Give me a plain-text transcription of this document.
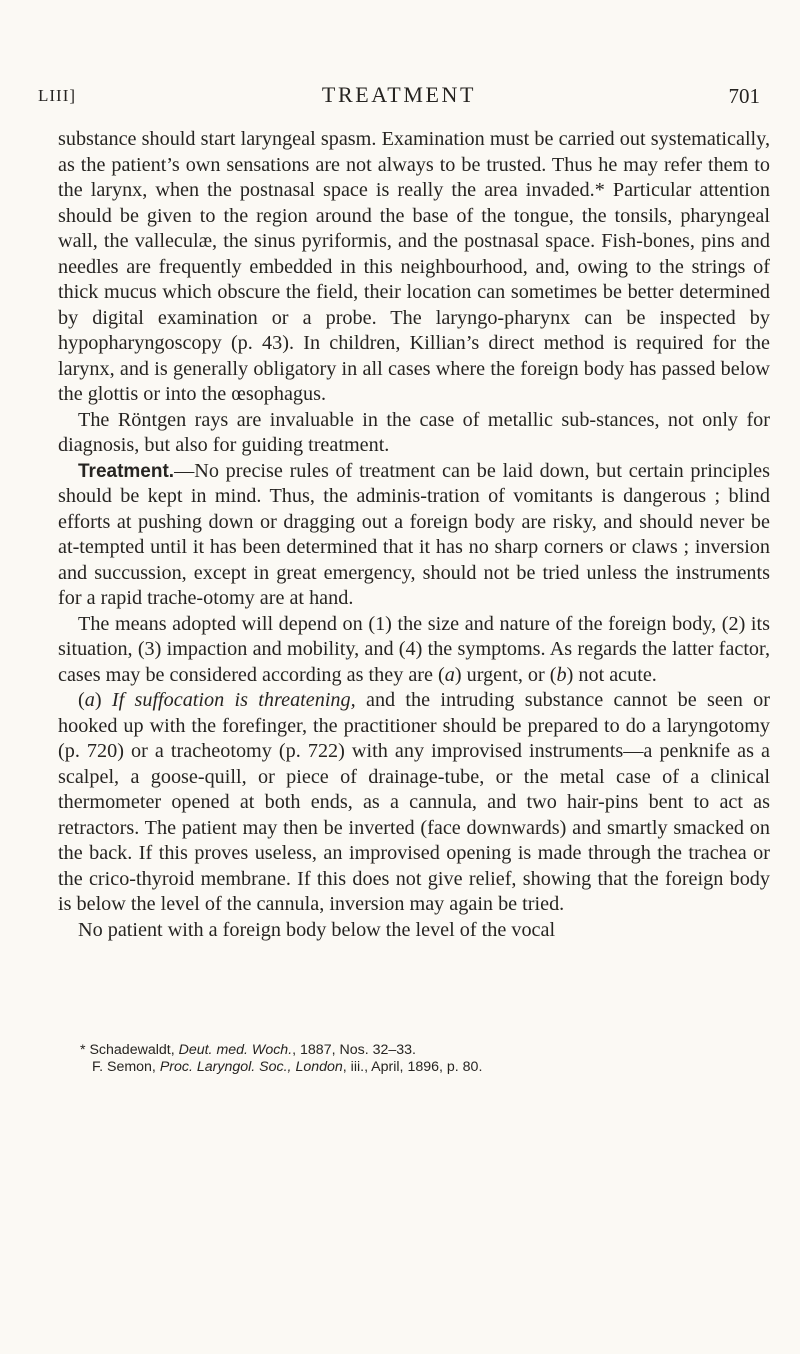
LIII]	TREATMENT	701

substance should start laryngeal spasm. Examination must be carried out systematically, as the patient’s own sensations are not always to be trusted. Thus he may refer them to the larynx, when the postnasal space is really the area invaded.* Particular attention should be given to the region around the base of the tongue, the tonsils, pharyngeal wall, the valleculæ, the sinus pyriformis, and the postnasal space. Fish-bones, pins and needles are frequently embedded in this neighbourhood, and, owing to the strings of thick mucus which obscure the field, their location can sometimes be better determined by digital examination or a probe. The laryngo-pharynx can be inspected by hypopharyngoscopy (p. 43). In children, Killian’s direct method is required for the larynx, and is generally obligatory in all cases where the foreign body has passed below the glottis or into the œsophagus.

The Röntgen rays are invaluable in the case of metallic sub-stances, not only for diagnosis, but also for guiding treatment.

Treatment.—No precise rules of treatment can be laid down, but certain principles should be kept in mind. Thus, the adminis-tration of vomitants is dangerous ; blind efforts at pushing down or dragging out a foreign body are risky, and should never be at-tempted until it has been determined that it has no sharp corners or claws ; inversion and succussion, except in great emergency, should not be tried unless the instruments for a rapid trache-otomy are at hand.

The means adopted will depend on (1) the size and nature of the foreign body, (2) its situation, (3) impaction and mobility, and (4) the symptoms. As regards the latter factor, cases may be considered according as they are (a) urgent, or (b) not acute.

(a) If suffocation is threatening, and the intruding substance cannot be seen or hooked up with the forefinger, the practitioner should be prepared to do a laryngotomy (p. 720) or a tracheotomy (p. 722) with any improvised instruments—a penknife as a scalpel, a goose-quill, or piece of drainage-tube, or the metal case of a clinical thermometer opened at both ends, as a cannula, and two hair-pins bent to act as retractors. The patient may then be inverted (face downwards) and smartly smacked on the back. If this proves useless, an improvised opening is made through the trachea or the crico-thyroid membrane. If this does not give relief, showing that the foreign body is below the level of the cannula, inversion may again be tried.

No patient with a foreign body below the level of the vocal

* Schadewaldt, Deut. med. Woch., 1887, Nos. 32–33.
F. Semon, Proc. Laryngol. Soc., London, iii., April, 1896, p. 80.
